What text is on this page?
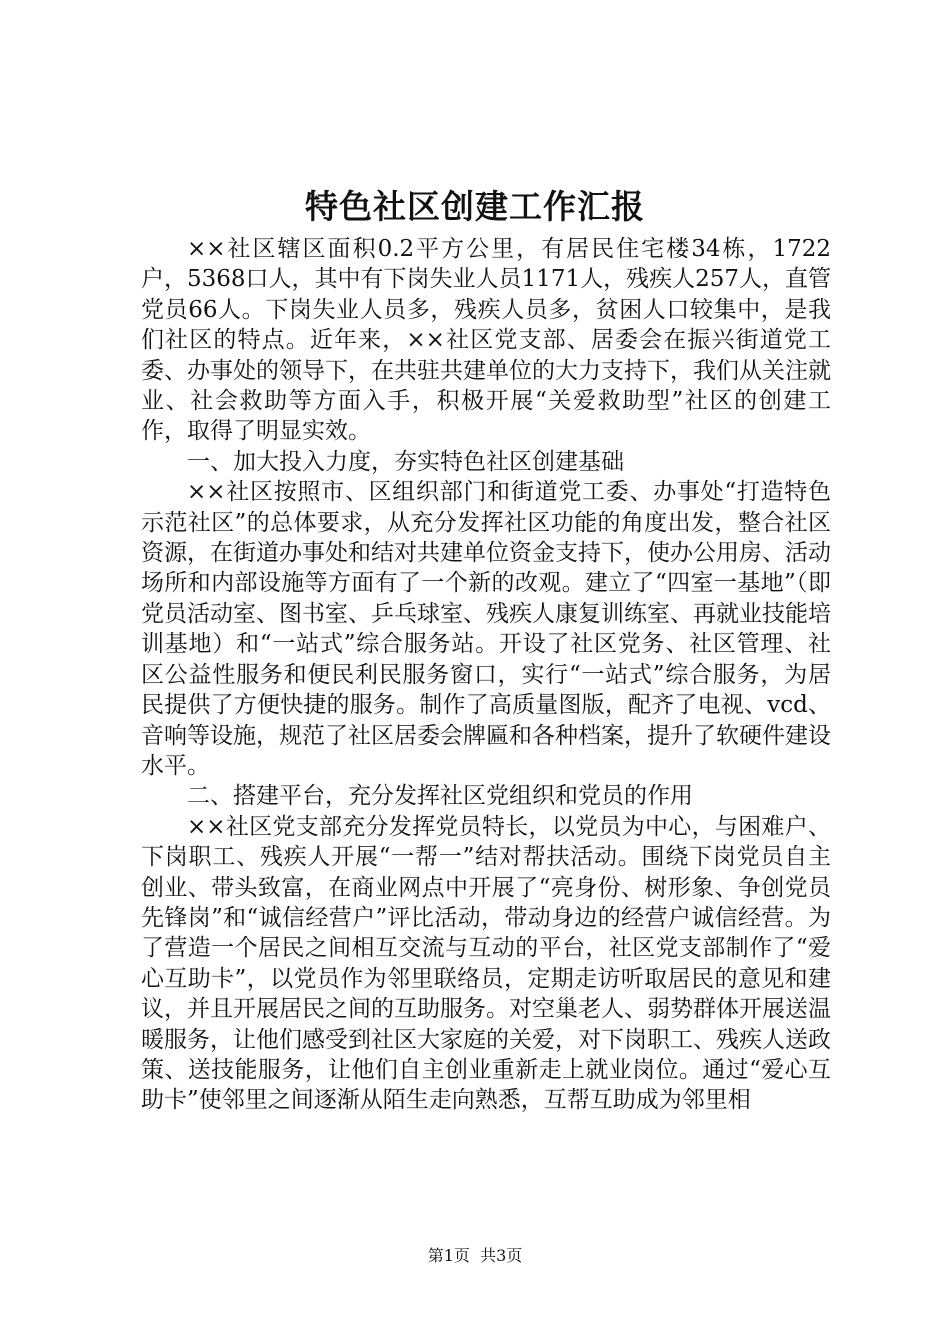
特色社区创建工作汇报

××社区辖区面积0.2平方公里，有居民住宅楼34栋，1722户，5368口人，其中有下岗失业人员1171人，残疾人257人，直管党员66人。下岗失业人员多，残疾人员多，贫困人口较集中，是我们社区的特点。近年来，××社区党支部、居委会在振兴街道党工委、办事处的领导下，在共驻共建单位的大力支持下，我们从关注就业、社会救助等方面入手，积极开展“关爱救助型”社区的创建工作，取得了明显实效。

一、加大投入力度，夯实特色社区创建基础

××社区按照市、区组织部门和街道党工委、办事处“打造特色示范社区”的总体要求，从充分发挥社区功能的角度出发，整合社区资源，在街道办事处和结对共建单位资金支持下，使办公用房、活动场所和内部设施等方面有了一个新的改观。建立了“四室一基地”（即党员活动室、图书室、乒乓球室、残疾人康复训练室、再就业技能培训基地）和“一站式”综合服务站。开设了社区党务、社区管理、社区公益性服务和便民利民服务窗口，实行“一站式”综合服务，为居民提供了方便快捷的服务。制作了高质量图版，配齐了电视、vcd、音响等设施，规范了社区居委会牌匾和各种档案，提升了软硬件建设水平。

二、搭建平台，充分发挥社区党组织和党员的作用

××社区党支部充分发挥党员特长，以党员为中心，与困难户、下岗职工、残疾人开展“一帮一”结对帮扶活动。围绕下岗党员自主创业、带头致富，在商业网点中开展了“亮身份、树形象、争创党员先锋岗”和“诚信经营户”评比活动，带动身边的经营户诚信经营。为了营造一个居民之间相互交流与互动的平台，社区党支部制作了“爱心互助卡”，以党员作为邻里联络员，定期走访听取居民的意见和建议，并且开展居民之间的互助服务。对空巢老人、弱势群体开展送温暖服务，让他们感受到社区大家庭的关爱，对下岗职工、残疾人送政策、送技能服务，让他们自主创业重新走上就业岗位。通过“爱心互助卡”使邻里之间逐渐从陌生走向熟悉，互帮互助成为邻里相

第1页  共3页
